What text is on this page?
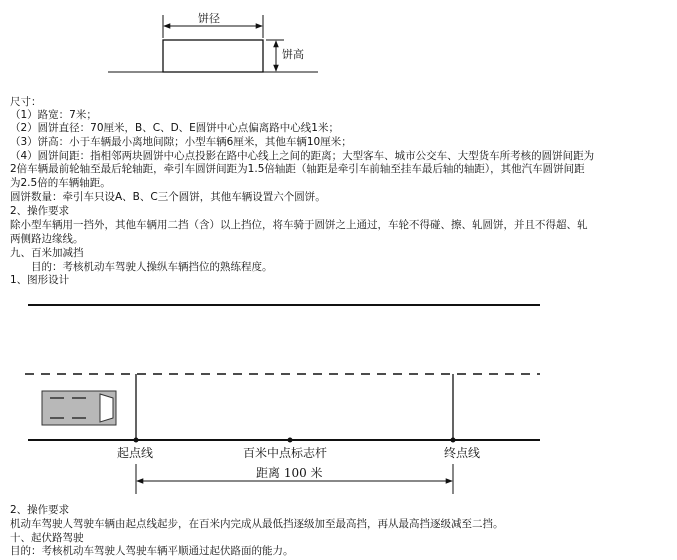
饼径
饼高
尺寸：
（1）路宽：7米；
（2）圆饼直径：70厘米，B、C、D、E圆饼中心点偏离路中心线1米；
（3）饼高：小于车辆最小离地间隙；小型车辆6厘米，其他车辆10厘米；
（4）圆饼间距：指相邻两块圆饼中心点投影在路中心线上之间的距离；大型客车、城市公交车、大型货车所考核的圆饼间距为
2倍车辆最前轮轴至最后轮轴距，牵引车圆饼间距为1.5倍轴距（轴距是牵引车前轴至挂车最后轴的轴距），其他汽车圆饼间距
为2.5倍的车辆轴距。
圆饼数量：牵引车只设A、B、C三个圆饼，其他车辆设置六个圆饼。
2、操作要求
除小型车辆用一挡外，其他车辆用二挡（含）以上挡位，将车骑于圆饼之上通过，车轮不得碰、擦、轧圆饼，并且不得超、轧
两侧路边缘线。
九、百米加减挡
　　目的：考核机动车驾驶人操纵车辆挡位的熟练程度。
1、图形设计
起点线	百米中点标志杆	终点线
距离 100 米
2、操作要求
机动车驾驶人驾驶车辆由起点线起步，在百米内完成从最低挡逐级加至最高挡，再从最高挡逐级减至二挡。
十、起伏路驾驶
目的：考核机动车驾驶人驾驶车辆平顺通过起伏路面的能力。
